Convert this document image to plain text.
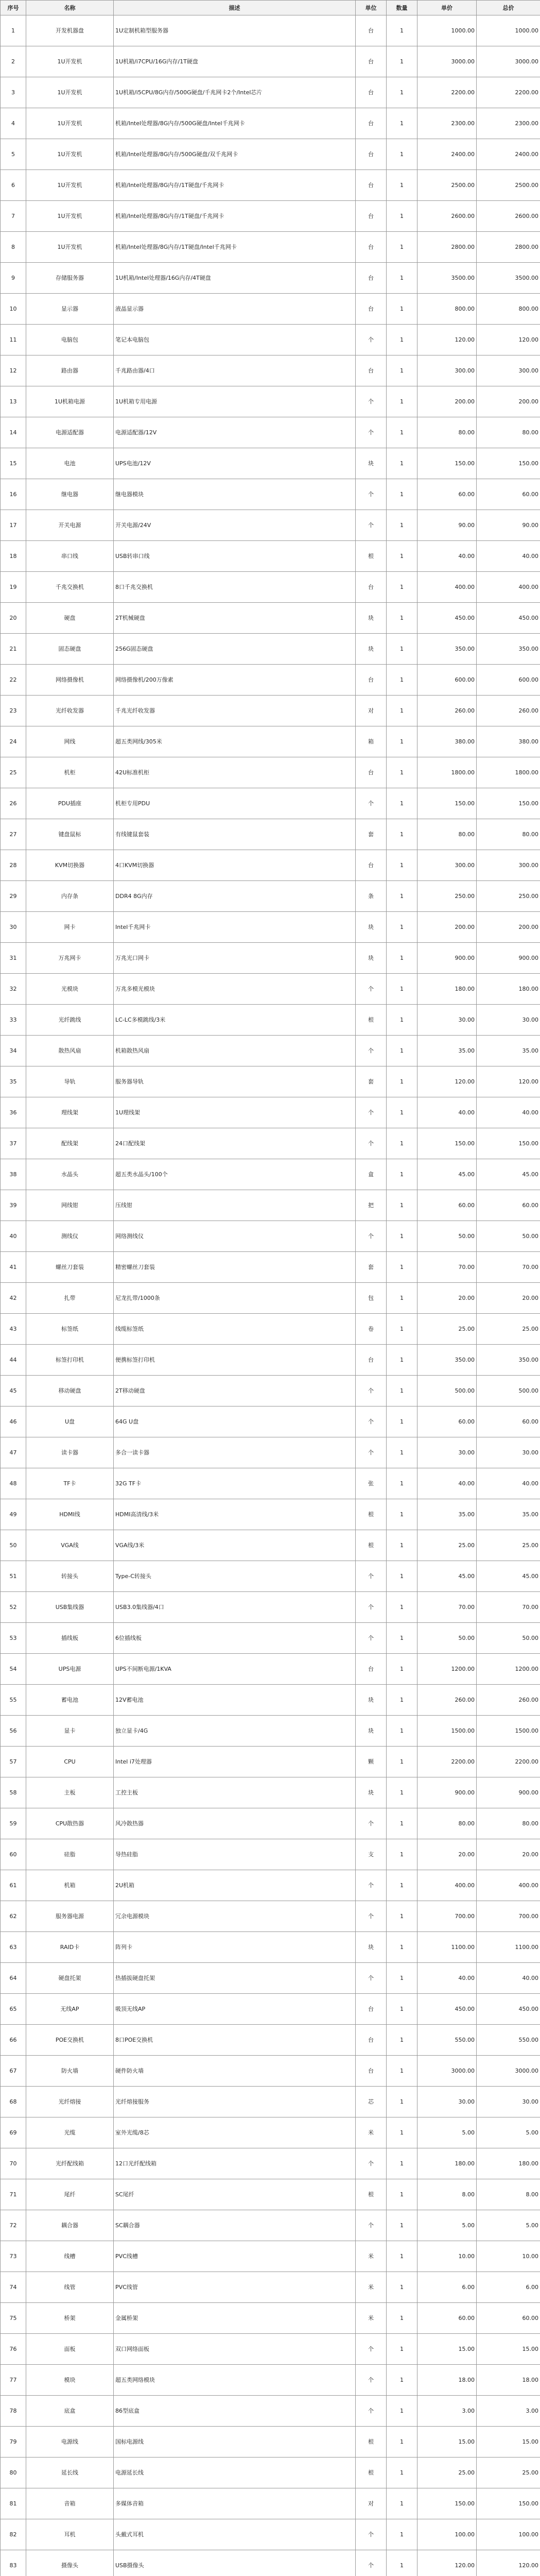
序号	名称	描述	单位	数量	单价	总价
1	开发机器盘	1U定制机箱型服务器	台	1	1000.00	1000.00
2	1U开发机	1U机箱/i7CPU/16G内存/1T硬盘	台	1	3000.00	3000.00
3	1U开发机	1U机箱/i5CPU/8G内存/500G硬盘/千兆网卡2个/Intel芯片	台	1	2200.00	2200.00
4	1U开发机	机箱/Intel处理器/8G内存/500G硬盘/Intel千兆网卡	台	1	2300.00	2300.00
5	1U开发机	机箱/Intel处理器/8G内存/500G硬盘/双千兆网卡	台	1	2400.00	2400.00
6	1U开发机	机箱/Intel处理器/8G内存/1T硬盘/千兆网卡	台	1	2500.00	2500.00
7	1U开发机	机箱/Intel处理器/8G内存/1T硬盘/千兆网卡	台	1	2600.00	2600.00
8	1U开发机	机箱/Intel处理器/8G内存/1T硬盘/Intel千兆网卡	台	1	2800.00	2800.00
9	存储服务器	1U机箱/Intel处理器/16G内存/4T硬盘	台	1	3500.00	3500.00
10	显示器	液晶显示器	台	1	800.00	800.00
11	电脑包	笔记本电脑包	个	1	120.00	120.00
12	路由器	千兆路由器/4口	台	1	300.00	300.00
13	1U机箱电源	1U机箱专用电源	个	1	200.00	200.00
14	电源适配器	电源适配器/12V	个	1	80.00	80.00
15	电池	UPS电池/12V	块	1	150.00	150.00
16	继电器	继电器模块	个	1	60.00	60.00
17	开关电源	开关电源/24V	个	1	90.00	90.00
18	串口线	USB转串口线	根	1	40.00	40.00
19	千兆交换机	8口千兆交换机	台	1	400.00	400.00
20	硬盘	2T机械硬盘	块	1	450.00	450.00
21	固态硬盘	256G固态硬盘	块	1	350.00	350.00
22	网络摄像机	网络摄像机/200万像素	台	1	600.00	600.00
23	光纤收发器	千兆光纤收发器	对	1	260.00	260.00
24	网线	超五类网线/305米	箱	1	380.00	380.00
25	机柜	42U标准机柜	台	1	1800.00	1800.00
26	PDU插座	机柜专用PDU	个	1	150.00	150.00
27	键盘鼠标	有线键鼠套装	套	1	80.00	80.00
28	KVM切换器	4口KVM切换器	台	1	300.00	300.00
29	内存条	DDR4 8G内存	条	1	250.00	250.00
30	网卡	Intel千兆网卡	块	1	200.00	200.00
31	万兆网卡	万兆光口网卡	块	1	900.00	900.00
32	光模块	万兆多模光模块	个	1	180.00	180.00
33	光纤跳线	LC-LC多模跳线/3米	根	1	30.00	30.00
34	散热风扇	机箱散热风扇	个	1	35.00	35.00
35	导轨	服务器导轨	套	1	120.00	120.00
36	理线架	1U理线架	个	1	40.00	40.00
37	配线架	24口配线架	个	1	150.00	150.00
38	水晶头	超五类水晶头/100个	盒	1	45.00	45.00
39	网线钳	压线钳	把	1	60.00	60.00
40	测线仪	网络测线仪	个	1	50.00	50.00
41	螺丝刀套装	精密螺丝刀套装	套	1	70.00	70.00
42	扎带	尼龙扎带/1000条	包	1	20.00	20.00
43	标签纸	线缆标签纸	卷	1	25.00	25.00
44	标签打印机	便携标签打印机	台	1	350.00	350.00
45	移动硬盘	2T移动硬盘	个	1	500.00	500.00
46	U盘	64G U盘	个	1	60.00	60.00
47	读卡器	多合一读卡器	个	1	30.00	30.00
48	TF卡	32G TF卡	张	1	40.00	40.00
49	HDMI线	HDMI高清线/3米	根	1	35.00	35.00
50	VGA线	VGA线/3米	根	1	25.00	25.00
51	转接头	Type-C转接头	个	1	45.00	45.00
52	USB集线器	USB3.0集线器/4口	个	1	70.00	70.00
53	插线板	6位插线板	个	1	50.00	50.00
54	UPS电源	UPS不间断电源/1KVA	台	1	1200.00	1200.00
55	蓄电池	12V蓄电池	块	1	260.00	260.00
56	显卡	独立显卡/4G	块	1	1500.00	1500.00
57	CPU	Intel i7处理器	颗	1	2200.00	2200.00
58	主板	工控主板	块	1	900.00	900.00
59	CPU散热器	风冷散热器	个	1	80.00	80.00
60	硅脂	导热硅脂	支	1	20.00	20.00
61	机箱	2U机箱	个	1	400.00	400.00
62	服务器电源	冗余电源模块	个	1	700.00	700.00
63	RAID卡	阵列卡	块	1	1100.00	1100.00
64	硬盘托架	热插拔硬盘托架	个	1	40.00	40.00
65	无线AP	吸顶无线AP	台	1	450.00	450.00
66	POE交换机	8口POE交换机	台	1	550.00	550.00
67	防火墙	硬件防火墙	台	1	3000.00	3000.00
68	光纤熔接	光纤熔接服务	芯	1	30.00	30.00
69	光缆	室外光缆/8芯	米	1	5.00	5.00
70	光纤配线箱	12口光纤配线箱	个	1	180.00	180.00
71	尾纤	SC尾纤	根	1	8.00	8.00
72	耦合器	SC耦合器	个	1	5.00	5.00
73	线槽	PVC线槽	米	1	10.00	10.00
74	线管	PVC线管	米	1	6.00	6.00
75	桥架	金属桥架	米	1	60.00	60.00
76	面板	双口网络面板	个	1	15.00	15.00
77	模块	超五类网络模块	个	1	18.00	18.00
78	底盒	86型底盒	个	1	3.00	3.00
79	电源线	国标电源线	根	1	15.00	15.00
80	延长线	电源延长线	根	1	25.00	25.00
81	音箱	多媒体音箱	对	1	150.00	150.00
82	耳机	头戴式耳机	个	1	100.00	100.00
83	摄像头	USB摄像头	个	1	120.00	120.00
